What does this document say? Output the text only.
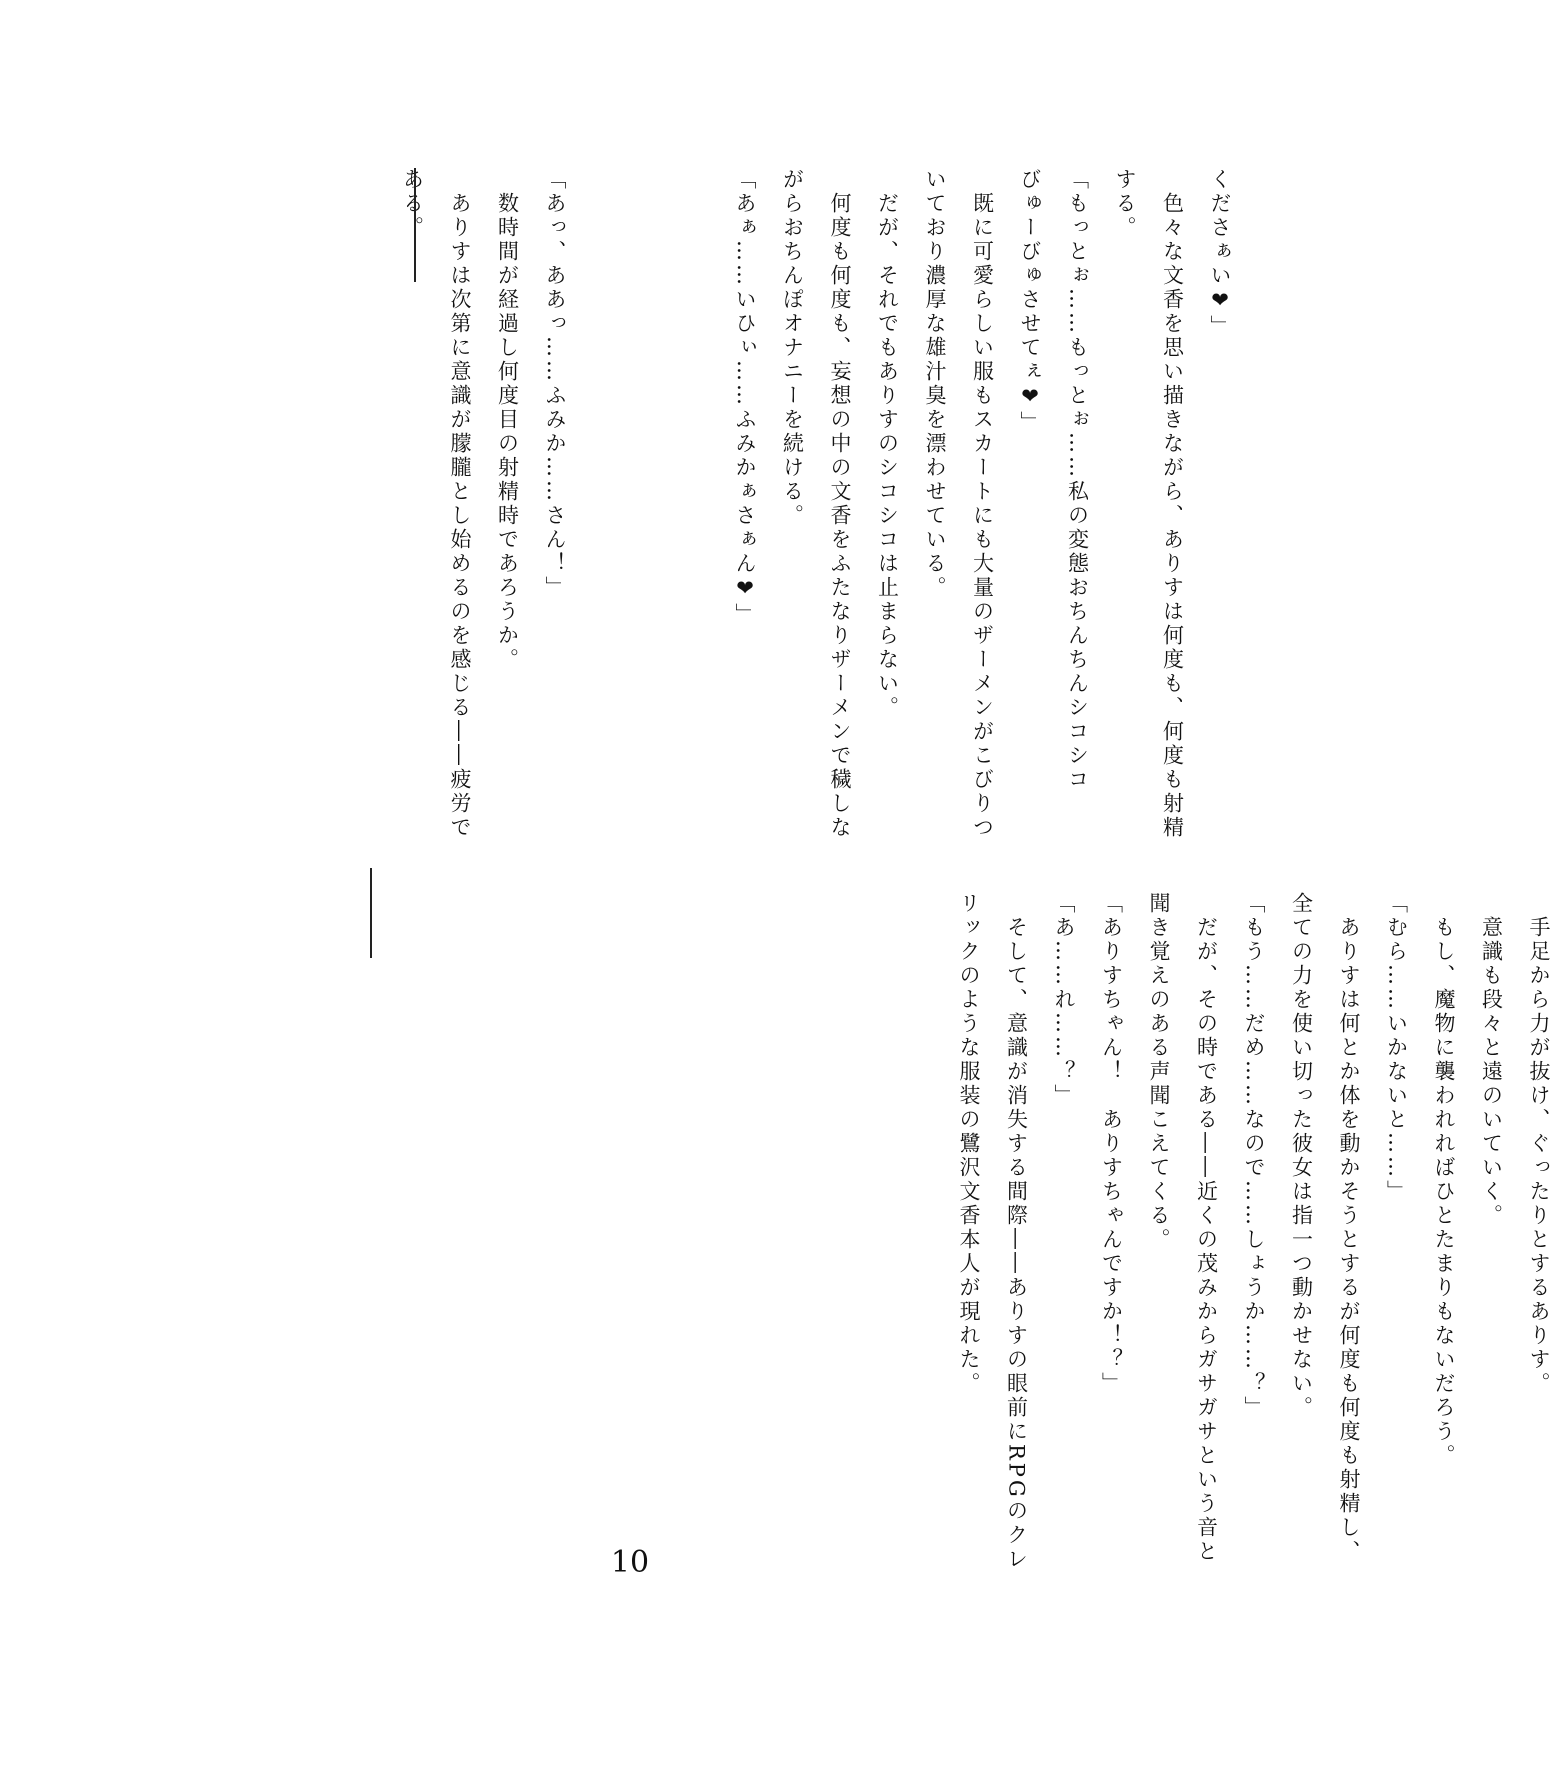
くださぁい❤」
　色々な文香を思い描きながら、ありすは何度も、何度も射精
する。
「もっとぉ……もっとぉ……私の変態おちんちんシコシコ
びゅーびゅさせてぇ❤」
　既に可愛らしい服もスカートにも大量のザーメンがこびりつ
いており濃厚な雄汁臭を漂わせている。
　だが、それでもありすのシコシコは止まらない。
　何度も何度も、妄想の中の文香をふたなりザーメンで穢しな
がらおちんぽオナニーを続ける。
「あぁ……いひぃ……ふみかぁさぁん❤」
「あっ、ああっ……ふみか……さん！」
　数時間が経過し何度目の射精時であろうか。
　ありすは次第に意識が朦朧とし始めるのを感じる――疲労で
ある。
　手足から力が抜け、ぐったりとするありす。
　意識も段々と遠のいていく。
　もし、魔物に襲われればひとたまりもないだろう。
「むら……いかないと……」
　ありすは何とか体を動かそうとするが何度も何度も射精し、
全ての力を使い切った彼女は指一つ動かせない。
「もう……だめ……なので……しょうか……？」
　だが、その時である――近くの茂みからガサガサという音と
聞き覚えのある声聞こえてくる。
「ありすちゃん！　ありすちゃんですか！？」
「あ……れ……？」
　そして、意識が消失する間際――ありすの眼前にRPGのクレ
リックのような服装の鷺沢文香本人が現れた。
10
